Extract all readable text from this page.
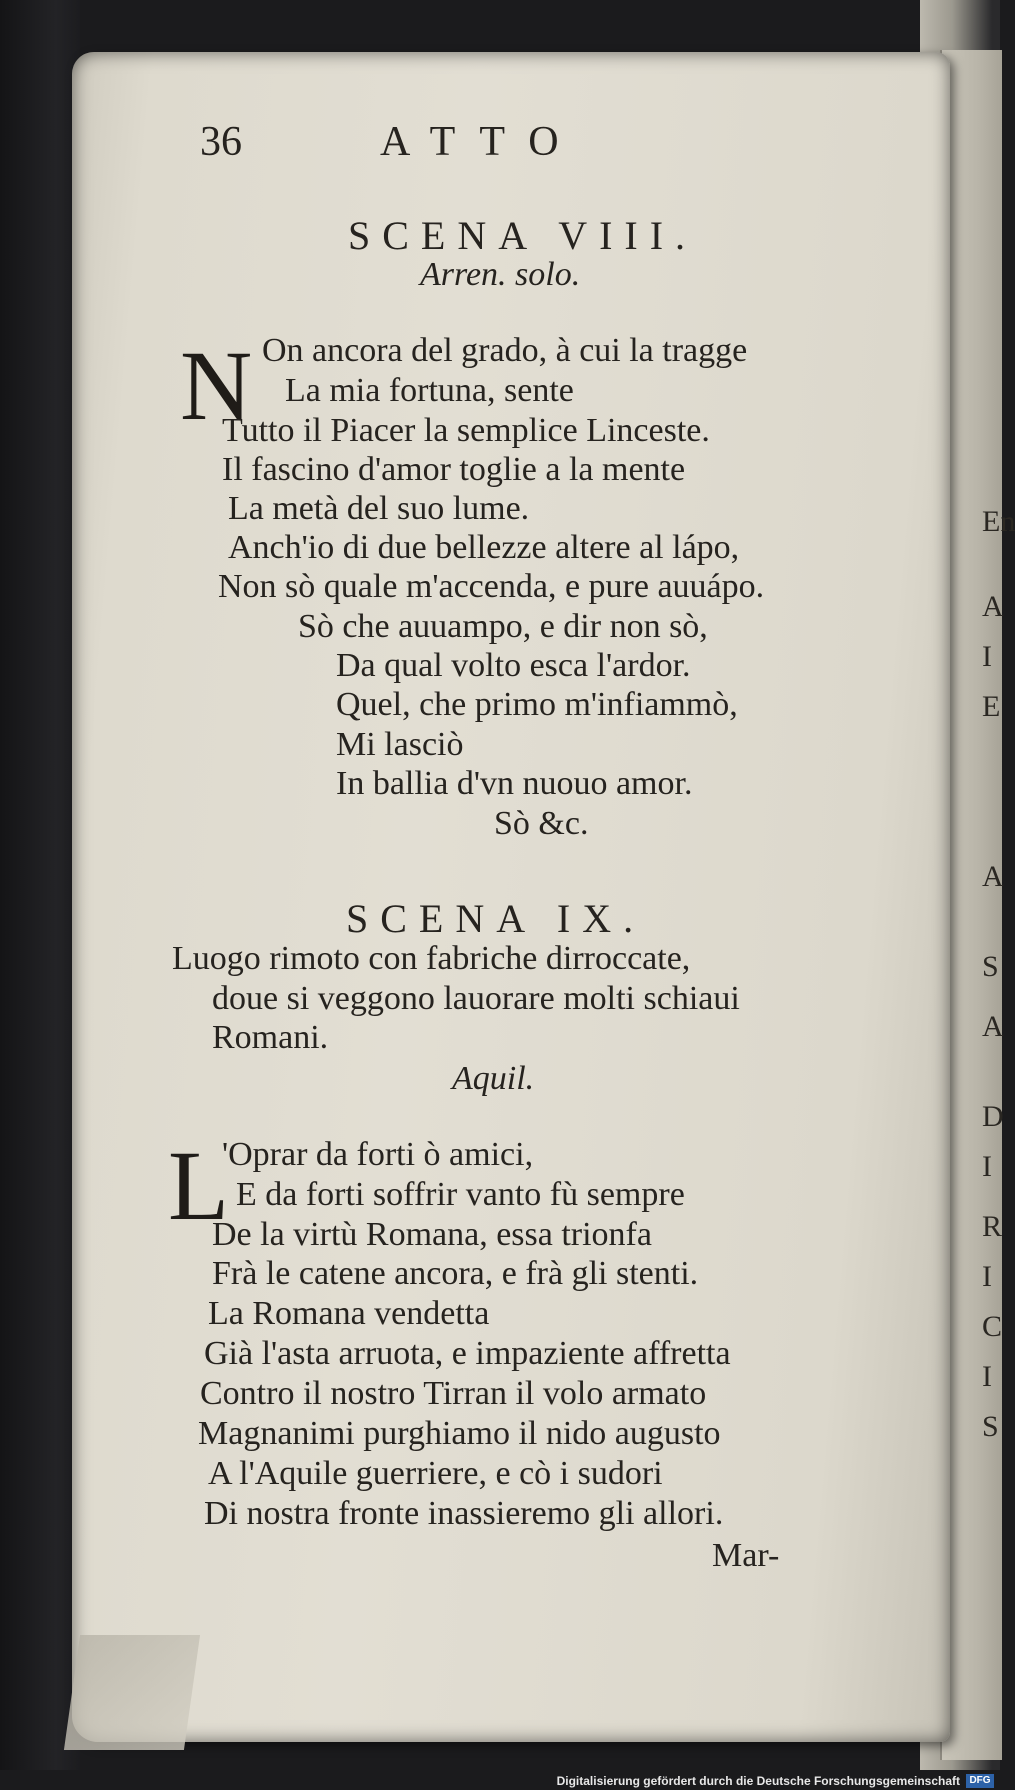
En
A
I
E
A
S
A
D
I
R
I
C
I
S
36	ATTO
SCENA VIII.
Arren. solo.
N On ancora del grado, à cui la tragge
La mia fortuna, sente
Tutto il Piacer la semplice Linceste.
Il fascino d'amor toglie a la mente
La metà del suo lume.
Anch'io di due bellezze altere al lápo,
Non sò quale m'accenda, e pure auuápo.
Sò che auuampo, e dir non sò,
Da qual volto esca l'ardor.
Quel, che primo m'infiammò,
Mi lasciò
In ballia d'vn nuouo amor.
Sò &c.
SCENA IX.
Luogo rimoto con fabriche dirroccate,
doue si veggono lauorare molti schiaui
Romani.
Aquil.
L
'Oprar da forti ò amici,
E da forti soffrir vanto fù sempre
De la virtù Romana, essa trionfa
Frà le catene ancora, e frà gli stenti.
La Romana vendetta
Già l'asta arruota, e impaziente affretta
Contro il nostro Tirran il volo armato
Magnanimi purghiamo il nido augusto
A l'Aquile guerriere, e cò i sudori
Di nostra fronte inassieremo gli allori.
Mar-
Digitalisierung gefördert durch die Deutsche Forschungsgemeinschaft DFG
